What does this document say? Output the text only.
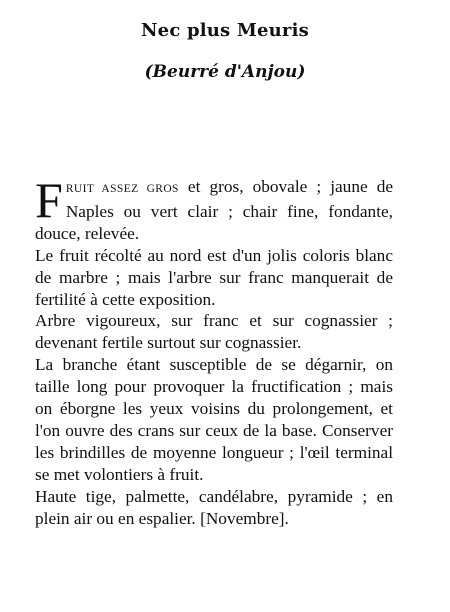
Nec plus Meuris
(Beurré d'Anjou)

FRUIT ASSEZ GROS et gros, obovale ; jaune de Naples ou vert clair ; chair fine, fondante, douce, relevée.

Le fruit récolté au nord est d'un jolis coloris blanc de marbre ; mais l'arbre sur franc manquerait de fertilité à cette exposition.

Arbre vigoureux, sur franc et sur cognassier ; devenant fertile surtout sur cognassier.

La branche étant susceptible de se dégarnir, on taille long pour provoquer la fructification ; mais on éborgne les yeux voisins du prolongement, et l'on ouvre des crans sur ceux de la base. Conserver les brindilles de moyenne longueur ; l'œil terminal se met volontiers à fruit.

Haute tige, palmette, candélabre, pyramide ; en plein air ou en espalier. [Novembre].
